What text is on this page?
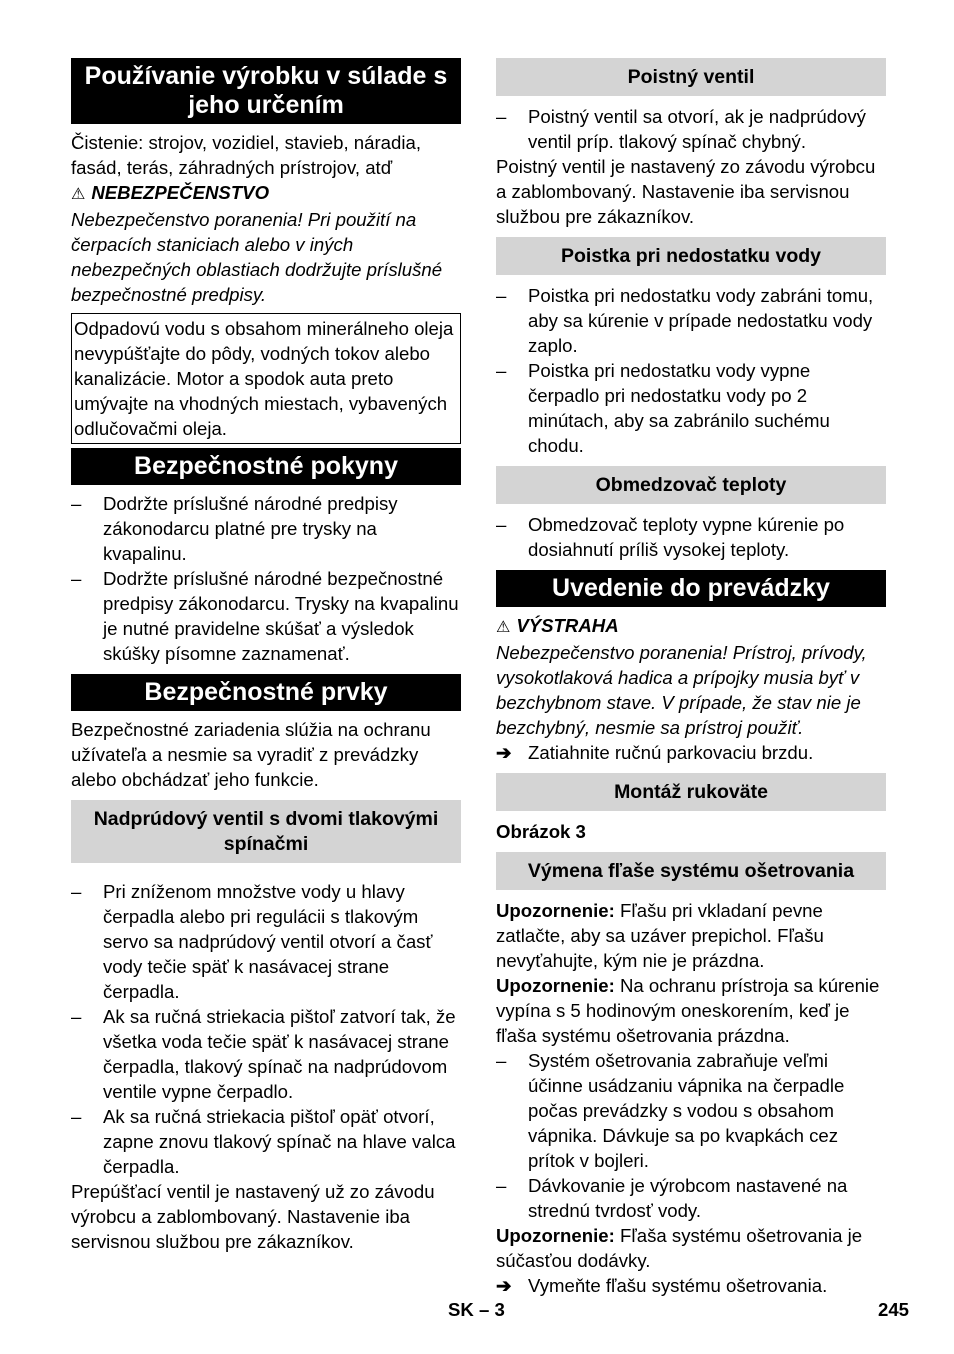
Používanie výrobku v súlade s jeho určením

Čistenie: strojov, vozidiel, stavieb, náradia, fasád, terás, záhradných prístrojov, atď

⚠ NEBEZPEČENSTVO

Nebezpečenstvo poranenia! Pri použití na čerpacích staniciach alebo v iných nebezpečných oblastiach dodržujte príslušné bezpečnostné predpisy.

Odpadovú vodu s obsahom minerálneho oleja nevypúšťajte do pôdy, vodných tokov alebo kanalizácie. Motor a spodok auta preto umývajte na vhodných miestach, vybavených odlučovačmi oleja.

Bezpečnostné pokyny
– Dodržte príslušné národné predpisy zákonodarcu platné pre trysky na kvapalinu.
– Dodržte príslušné národné bezpečnostné predpisy zákonodarcu. Trysky na kvapalinu je nutné pravidelne skúšať a výsledok skúšky písomne zaznamenať.
Bezpečnostné prvky

Bezpečnostné zariadenia slúžia na ochranu užívateľa a nesmie sa vyradiť z prevádzky alebo obchádzať jeho funkcie.

Nadprúdový ventil s dvomi tlakovými spínačmi
– Pri zníženom množstve vody u hlavy čerpadla alebo pri regulácii s tlakovým servo sa nadprúdový ventil otvorí a časť vody tečie späť k nasávacej strane čerpadla.
– Ak sa ručná striekacia pištoľ zatvorí tak, že všetka voda tečie späť k nasávacej strane čerpadla, tlakový spínač na nadprúdovom ventile vypne čerpadlo.
– Ak sa ručná striekacia pištoľ opäť otvorí, zapne znovu tlakový spínač na hlave valca čerpadla.

Prepúšťací ventil je nastavený už zo závodu výrobcu a zablombovaný. Nastavenie iba servisnou službou pre zákazníkov.

Poistný ventil
– Poistný ventil sa otvorí, ak je nadprúdový ventil príp. tlakový spínač chybný.

Poistný ventil je nastavený zo závodu výrobcu a zablombovaný. Nastavenie iba servisnou službou pre zákazníkov.

Poistka pri nedostatku vody
– Poistka pri nedostatku vody zabráni tomu, aby sa kúrenie v prípade nedostatku vody zaplo.
– Poistka pri nedostatku vody vypne čerpadlo pri nedostatku vody po 2 minútach, aby sa zabránilo suchému chodu.
Obmedzovač teploty
– Obmedzovač teploty vypne kúrenie po dosiahnutí príliš vysokej teploty.
Uvedenie do prevádzky

⚠ VÝSTRAHA

Nebezpečenstvo poranenia! Prístroj, prívody, vysokotlaková hadica a prípojky musia byť v bezchybnom stave. V prípade, že stav nie je bezchybný, nesmie sa prístroj použiť.

➔ Zatiahnite ručnú parkovaciu brzdu.

Montáž rukoväte

Obrázok 3

Výmena fľaše systému ošetrovania

Upozornenie: Fľašu pri vkladaní pevne zatlačte, aby sa uzáver prepichol. Fľašu nevyťahujte, kým nie je prázdna.

Upozornenie: Na ochranu prístroja sa kúrenie vypína s 5 hodinovým oneskorením, keď je fľaša systému ošetrovania prázdna.

– Systém ošetrovania zabraňuje veľmi účinne usádzaniu vápnika na čerpadle počas prevádzky s vodou s obsahom vápnika. Dávkuje sa po kvapkách cez prítok v bojleri.
– Dávkovanie je výrobcom nastavené na strednú tvrdosť vody.

Upozornenie: Fľaša systému ošetrovania je súčasťou dodávky.

➔ Vymeňte fľašu systému ošetrovania.

SK – 3	245
